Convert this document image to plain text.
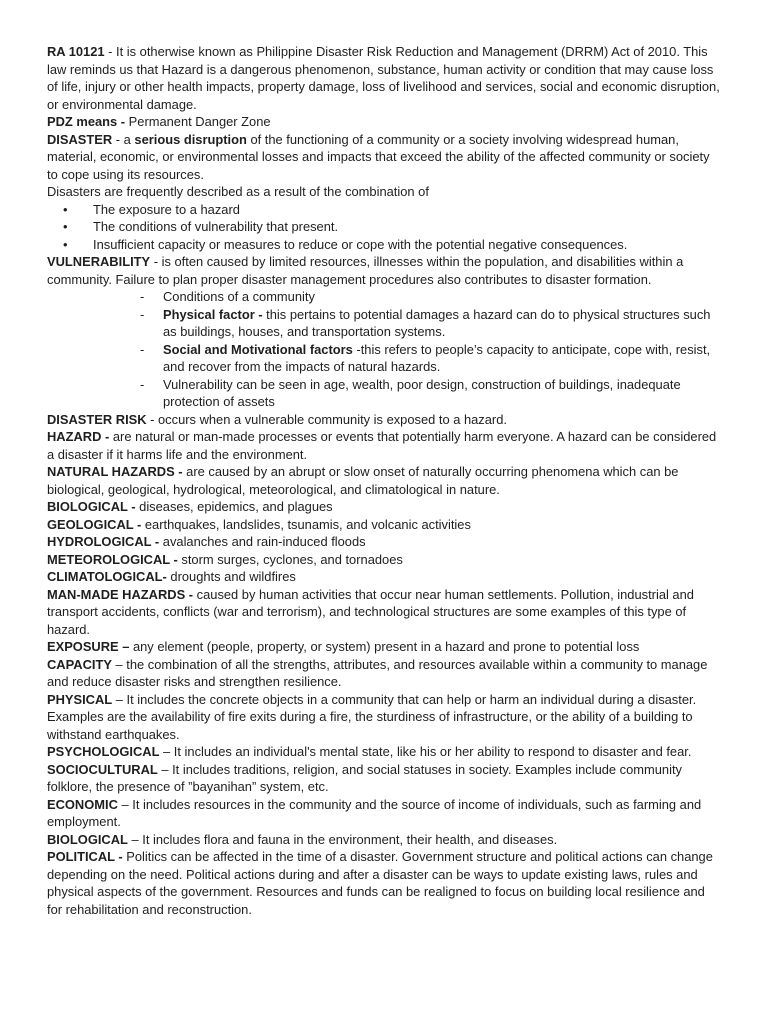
RA 10121 - It is otherwise known as Philippine Disaster Risk Reduction and Management (DRRM) Act of 2010. This law reminds us that Hazard is a dangerous phenomenon, substance, human activity or condition that may cause loss of life, injury or other health impacts, property damage, loss of livelihood and services, social and economic disruption, or environmental damage.

PDZ means - Permanent Danger Zone

DISASTER - a serious disruption of the functioning of a community or a society involving widespread human, material, economic, or environmental losses and impacts that exceed the ability of the affected community or society to cope using its resources.

Disasters are frequently described as a result of the combination of

• The exposure to a hazard
• The conditions of vulnerability that present.
• Insufficient capacity or measures to reduce or cope with the potential negative consequences.

VULNERABILITY - is often caused by limited resources, illnesses within the population, and disabilities within a community. Failure to plan proper disaster management procedures also contributes to disaster formation.

- Conditions of a community
- Physical factor - this pertains to potential damages a hazard can do to physical structures such as buildings, houses, and transportation systems.
- Social and Motivational factors -this refers to people’s capacity to anticipate, cope with, resist, and recover from the impacts of natural hazards.
- Vulnerability can be seen in age, wealth, poor design, construction of buildings, inadequate protection of assets

DISASTER RISK - occurs when a vulnerable community is exposed to a hazard.

HAZARD - are natural or man-made processes or events that potentially harm everyone. A hazard can be considered a disaster if it harms life and the environment.

NATURAL HAZARDS - are caused by an abrupt or slow onset of naturally occurring phenomena which can be biological, geological, hydrological, meteorological, and climatological in nature.

BIOLOGICAL - diseases, epidemics, and plagues

GEOLOGICAL - earthquakes, landslides, tsunamis, and volcanic activities

HYDROLOGICAL - avalanches and rain-induced floods

METEOROLOGICAL - storm surges, cyclones, and tornadoes

CLIMATOLOGICAL- droughts and wildfires

MAN-MADE HAZARDS - caused by human activities that occur near human settlements. Pollution, industrial and transport accidents, conflicts (war and terrorism), and technological structures are some examples of this type of hazard.

EXPOSURE – any element (people, property, or system) present in a hazard and prone to potential loss

CAPACITY – the combination of all the strengths, attributes, and resources available within a community to manage and reduce disaster risks and strengthen resilience.

PHYSICAL – It includes the concrete objects in a community that can help or harm an individual during a disaster. Examples are the availability of fire exits during a fire, the sturdiness of infrastructure, or the ability of a building to withstand earthquakes.

PSYCHOLOGICAL – It includes an individual's mental state, like his or her ability to respond to disaster and fear.

SOCIOCULTURAL – It includes traditions, religion, and social statuses in society. Examples include community folklore, the presence of ”bayanihan” system, etc.

ECONOMIC – It includes resources in the community and the source of income of individuals, such as farming and employment.

BIOLOGICAL – It includes flora and fauna in the environment, their health, and diseases.

POLITICAL - Politics can be affected in the time of a disaster. Government structure and political actions can change depending on the need. Political actions during and after a disaster can be ways to update existing laws, rules and physical aspects of the government. Resources and funds can be realigned to focus on building local resilience and for rehabilitation and reconstruction.
